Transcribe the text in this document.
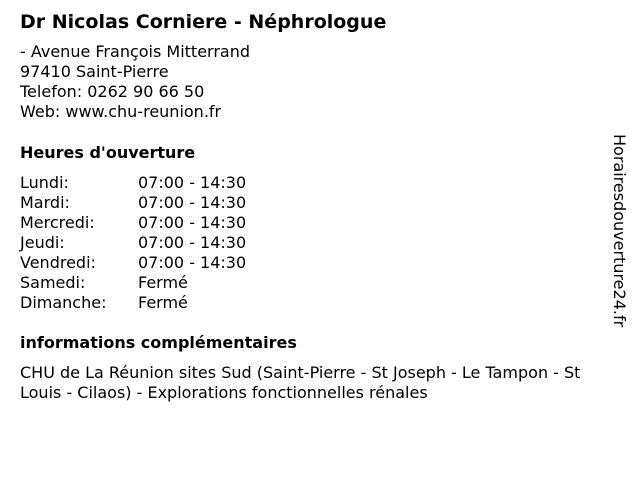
Dr Nicolas Corniere - Néphrologue
- Avenue François Mitterrand
97410 Saint-Pierre
Telefon: 0262 90 66 50
Web: www.chu-reunion.fr
Heures d'ouverture
Lundi:	07:00 - 14:30
Mardi:	07:00 - 14:30
Mercredi:	07:00 - 14:30
Jeudi:	07:00 - 14:30
Vendredi:	07:00 - 14:30
Samedi:	Fermé
Dimanche:	Fermé
informations complémentaires
CHU de La Réunion sites Sud (Saint-Pierre - St Joseph - Le Tampon - St Louis - Cilaos) - Explorations fonctionnelles rénales
Horairesdouverture24.fr
